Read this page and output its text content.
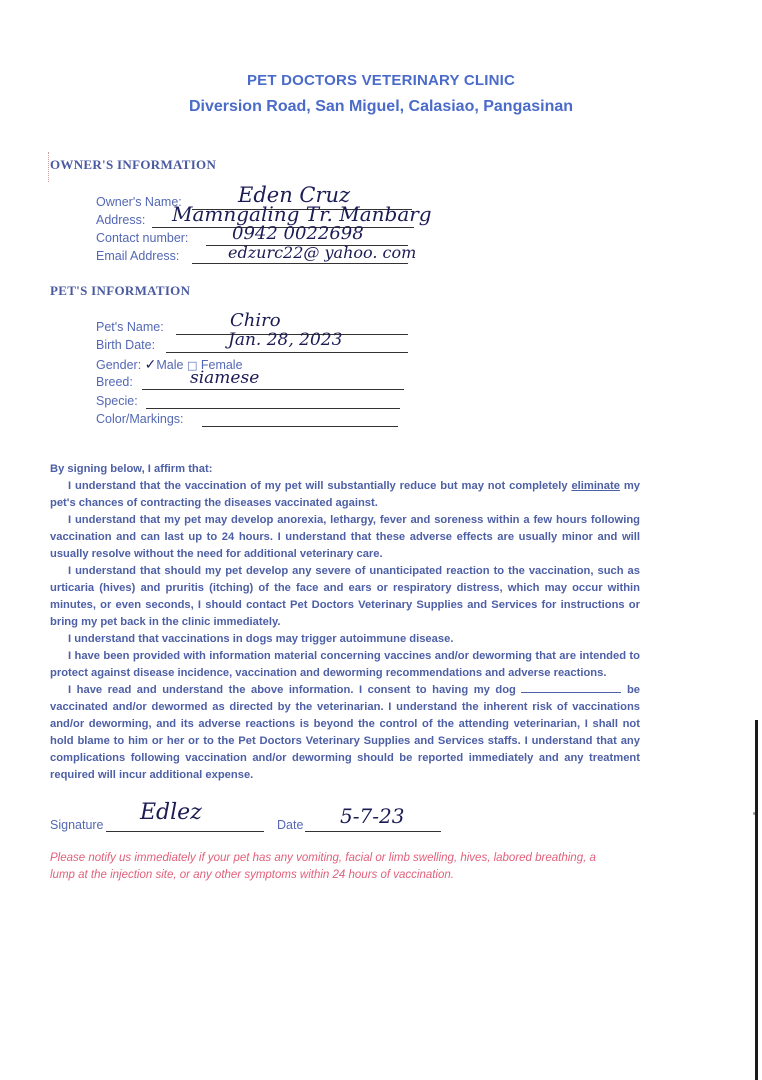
PET DOCTORS VETERINARY CLINIC
Diversion Road, San Miguel, Calasiao, Pangasinan
OWNER'S INFORMATION
Owner's Name:	Eden Cruz
Address: Mamngaling Tr. Manbarg
Contact number: 0942 0022698
Email Address:	edzurc22@ yahoo. com
PET'S INFORMATION
Pet's Name:	Chiro
Birth Date:	Jan. 28, 2023
Gender: ✓Male □ Female
Breed:	siamese
Specie:
Color/Markings:

By signing below, I affirm that:

I understand that the vaccination of my pet will substantially reduce but may not completely eliminate my pet's chances of contracting the diseases vaccinated against.

I understand that my pet may develop anorexia, lethargy, fever and soreness within a few hours following vaccination and can last up to 24 hours. I understand that these adverse effects are usually minor and will usually resolve without the need for additional veterinary care.

I understand that should my pet develop any severe of unanticipated reaction to the vaccination, such as urticaria (hives) and pruritis (itching) of the face and ears or respiratory distress, which may occur within minutes, or even seconds, I should contact Pet Doctors Veterinary Supplies and Services for instructions or bring my pet back in the clinic immediately.

I understand that vaccinations in dogs may trigger autoimmune disease.

I have been provided with information material concerning vaccines and/or deworming that are intended to protect against disease incidence, vaccination and deworming recommendations and adverse reactions.

I have read and understand the above information. I consent to having my dog	be vaccinated and/or dewormed as directed by the veterinarian. I understand the inherent risk of vaccinations and/or deworming, and its adverse reactions is beyond the control of the attending veterinarian, I shall not hold blame to him or her or to the Pet Doctors Veterinary Supplies and Services staffs. I understand that any complications following vaccination and/or deworming should be reported immediately and any treatment required will incur additional expense.

Signature Edlez	Date 5-7-23
Please notify us immediately if your pet has any vomiting, facial or limb swelling, hives, labored breathing, a lump at the injection site, or any other symptoms within 24 hours of vaccination.
